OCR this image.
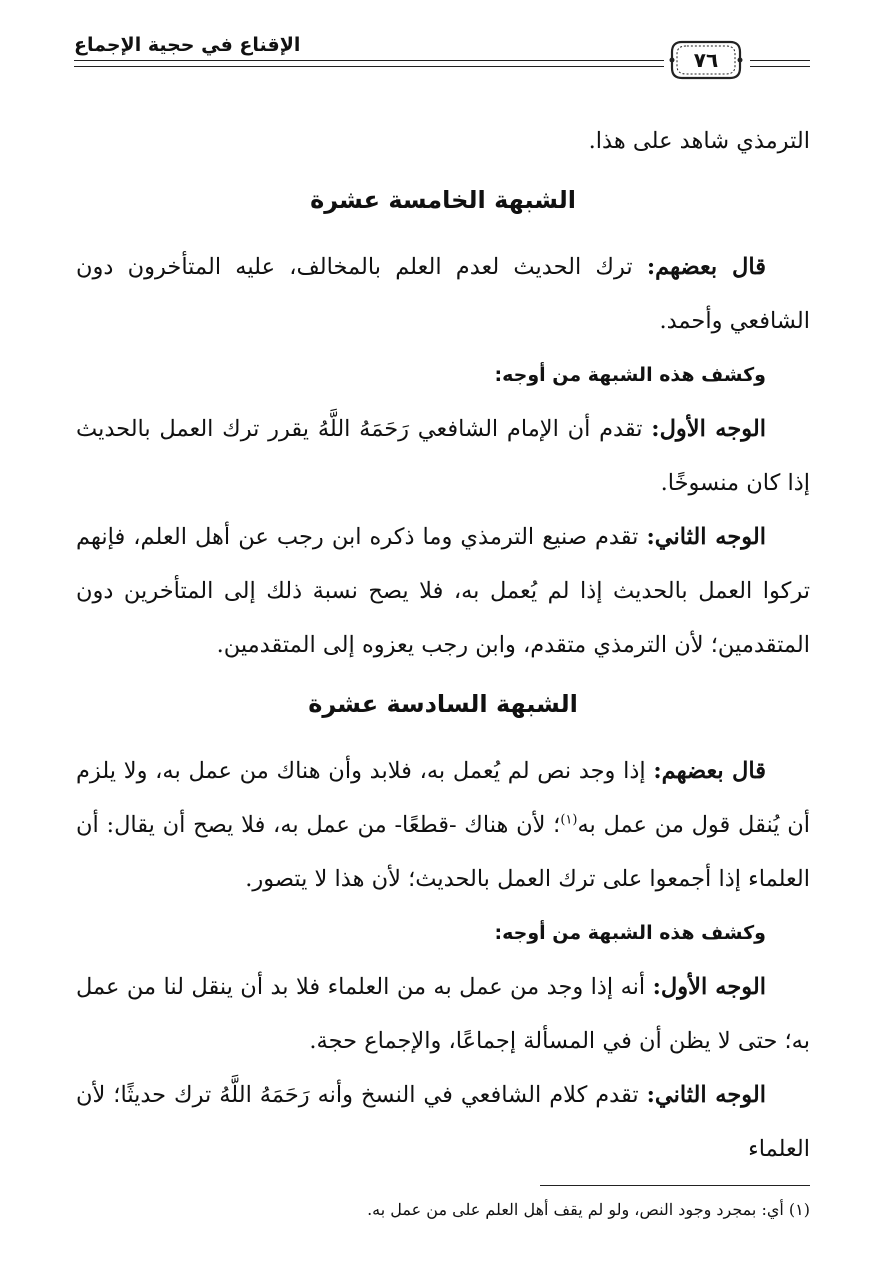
الإقناع في حجية الإجماع
٧٦

الترمذي شاهد على هذا.

الشبهة الخامسة عشرة

قال بعضهم: ترك الحديث لعدم العلم بالمخالف، عليه المتأخرون دون الشافعي وأحمد.

وكشف هذه الشبهة من أوجه:

الوجه الأول: تقدم أن الإمام الشافعي رَحَمَهُ اللَّهُ يقرر ترك العمل بالحديث إذا كان منسوخًا.

الوجه الثاني: تقدم صنيع الترمذي وما ذكره ابن رجب عن أهل العلم، فإنهم تركوا العمل بالحديث إذا لم يُعمل به، فلا يصح نسبة ذلك إلى المتأخرين دون المتقدمين؛ لأن الترمذي متقدم، وابن رجب يعزوه إلى المتقدمين.

الشبهة السادسة عشرة

قال بعضهم: إذا وجد نص لم يُعمل به، فلابد وأن هناك من عمل به، ولا يلزم أن يُنقل قول من عمل به$^{(١)}$؛ لأن هناك -قطعًا- من عمل به، فلا يصح أن يقال: أن العلماء إذا أجمعوا على ترك العمل بالحديث؛ لأن هذا لا يتصور.

وكشف هذه الشبهة من أوجه:

الوجه الأول: أنه إذا وجد من عمل به من العلماء فلا بد أن ينقل لنا من عمل به؛ حتى لا يظن أن في المسألة إجماعًا، والإجماع حجة.

الوجه الثاني: تقدم كلام الشافعي في النسخ وأنه رَحَمَهُ اللَّهُ ترك حديثًا؛ لأن العلماء

(١) أي: بمجرد وجود النص، ولو لم يقف أهل العلم على من عمل به.
